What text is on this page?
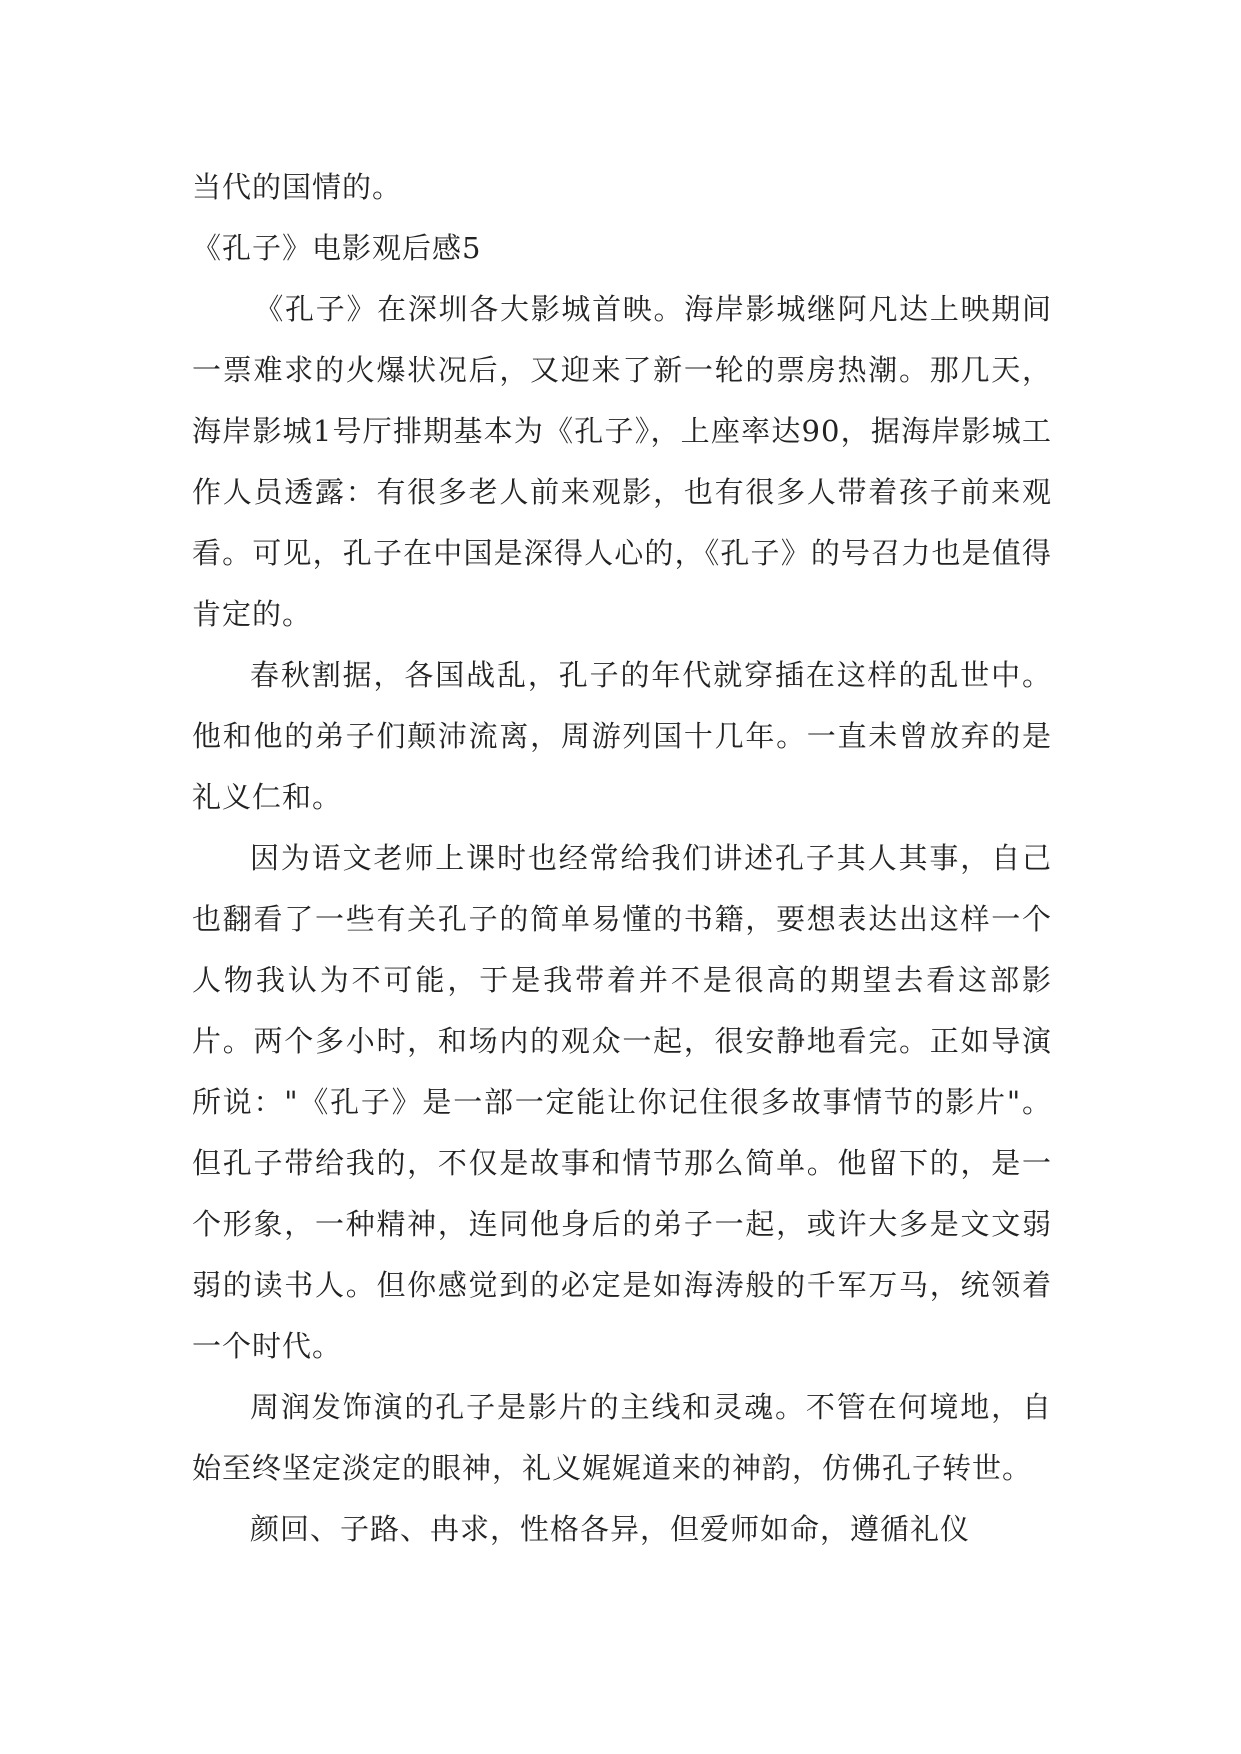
当代的国情的。

《孔子》电影观后感5

《孔子》在深圳各大影城首映。海岸影城继阿凡达上映期间一票难求的火爆状况后，又迎来了新一轮的票房热潮。那几天，海岸影城1号厅排期基本为《孔子》，上座率达90，据海岸影城工作人员透露：有很多老人前来观影，也有很多人带着孩子前来观看。可见，孔子在中国是深得人心的，《孔子》的号召力也是值得肯定的。

春秋割据，各国战乱，孔子的年代就穿插在这样的乱世中。他和他的弟子们颠沛流离，周游列国十几年。一直未曾放弃的是礼义仁和。

因为语文老师上课时也经常给我们讲述孔子其人其事，自己也翻看了一些有关孔子的简单易懂的书籍，要想表达出这样一个人物我认为不可能，于是我带着并不是很高的期望去看这部影片。两个多小时，和场内的观众一起，很安静地看完。正如导演所说："《孔子》是一部一定能让你记住很多故事情节的影片"。但孔子带给我的，不仅是故事和情节那么简单。他留下的，是一个形象，一种精神，连同他身后的弟子一起，或许大多是文文弱弱的读书人。但你感觉到的必定是如海涛般的千军万马，统领着一个时代。

周润发饰演的孔子是影片的主线和灵魂。不管在何境地，自始至终坚定淡定的眼神，礼义娓娓道来的神韵，仿佛孔子转世。

颜回、子路、冉求，性格各异，但爱师如命，遵循礼仪
